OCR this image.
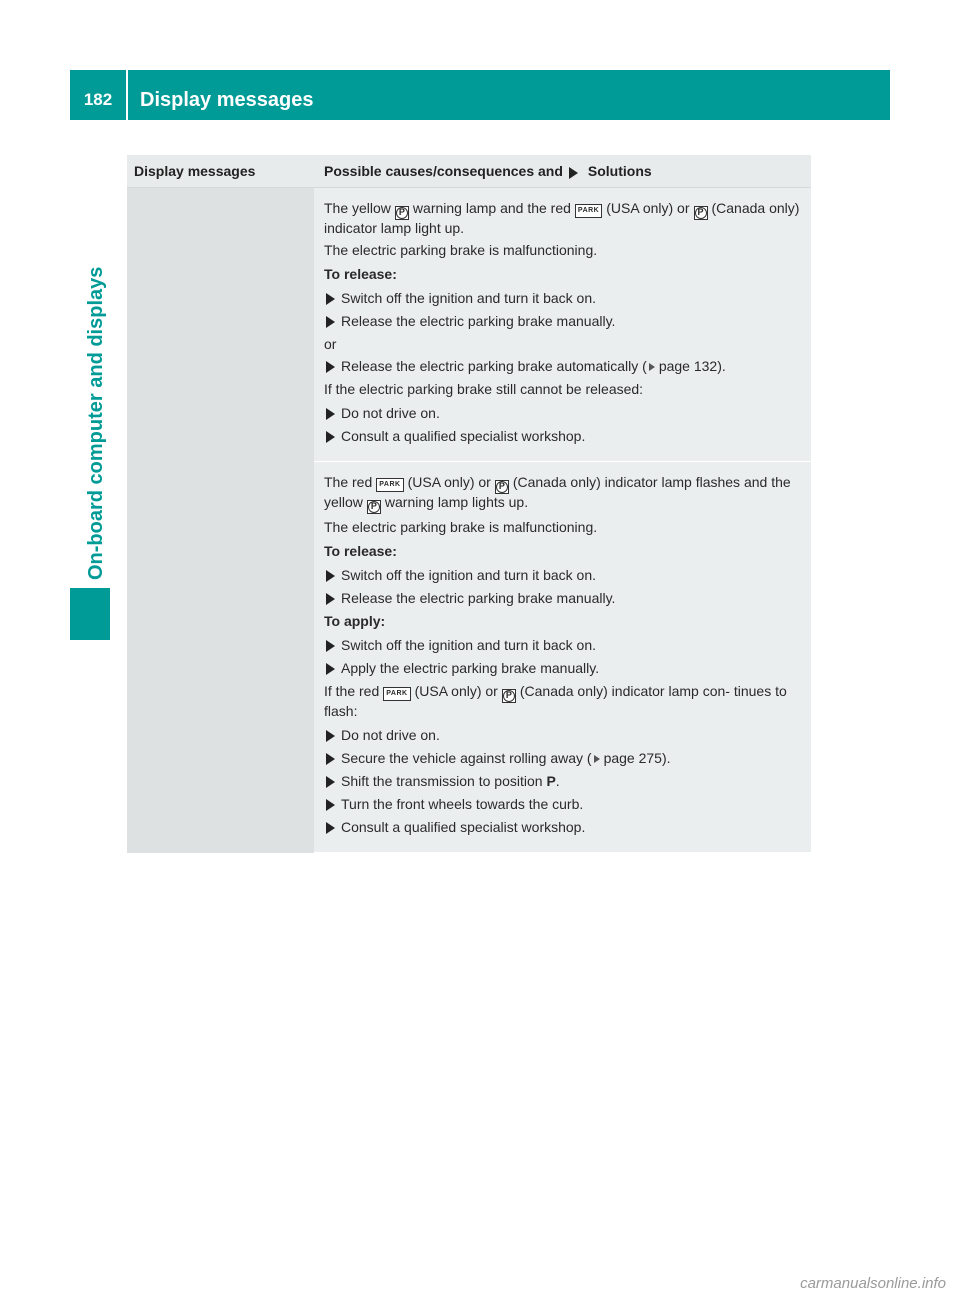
182	Display messages
On-board computer and displays
Display messages	Possible causes/consequences and Solutions

The yellow P warning lamp and the red PARK (USA only) or P (Canada only) indicator lamp light up.

The electric parking brake is malfunctioning.

To release:

Switch off the ignition and turn it back on.
Release the electric parking brake manually.

or

Release the electric parking brake automatically ( page 132).

If the electric parking brake still cannot be released:

Do not drive on.
Consult a qualified specialist workshop.

The red PARK (USA only) or P (Canada only) indicator lamp flashes and the yellow P warning lamp lights up.

The electric parking brake is malfunctioning.

To release:

Switch off the ignition and turn it back on.
Release the electric parking brake manually.

To apply:

Switch off the ignition and turn it back on.
Apply the electric parking brake manually.

If the red PARK (USA only) or P (Canada only) indicator lamp con- tinues to flash:

Do not drive on.
Secure the vehicle against rolling away ( page 275).
Shift the transmission to position P.
Turn the front wheels towards the curb.
Consult a qualified specialist workshop.
carmanualsonline.info
